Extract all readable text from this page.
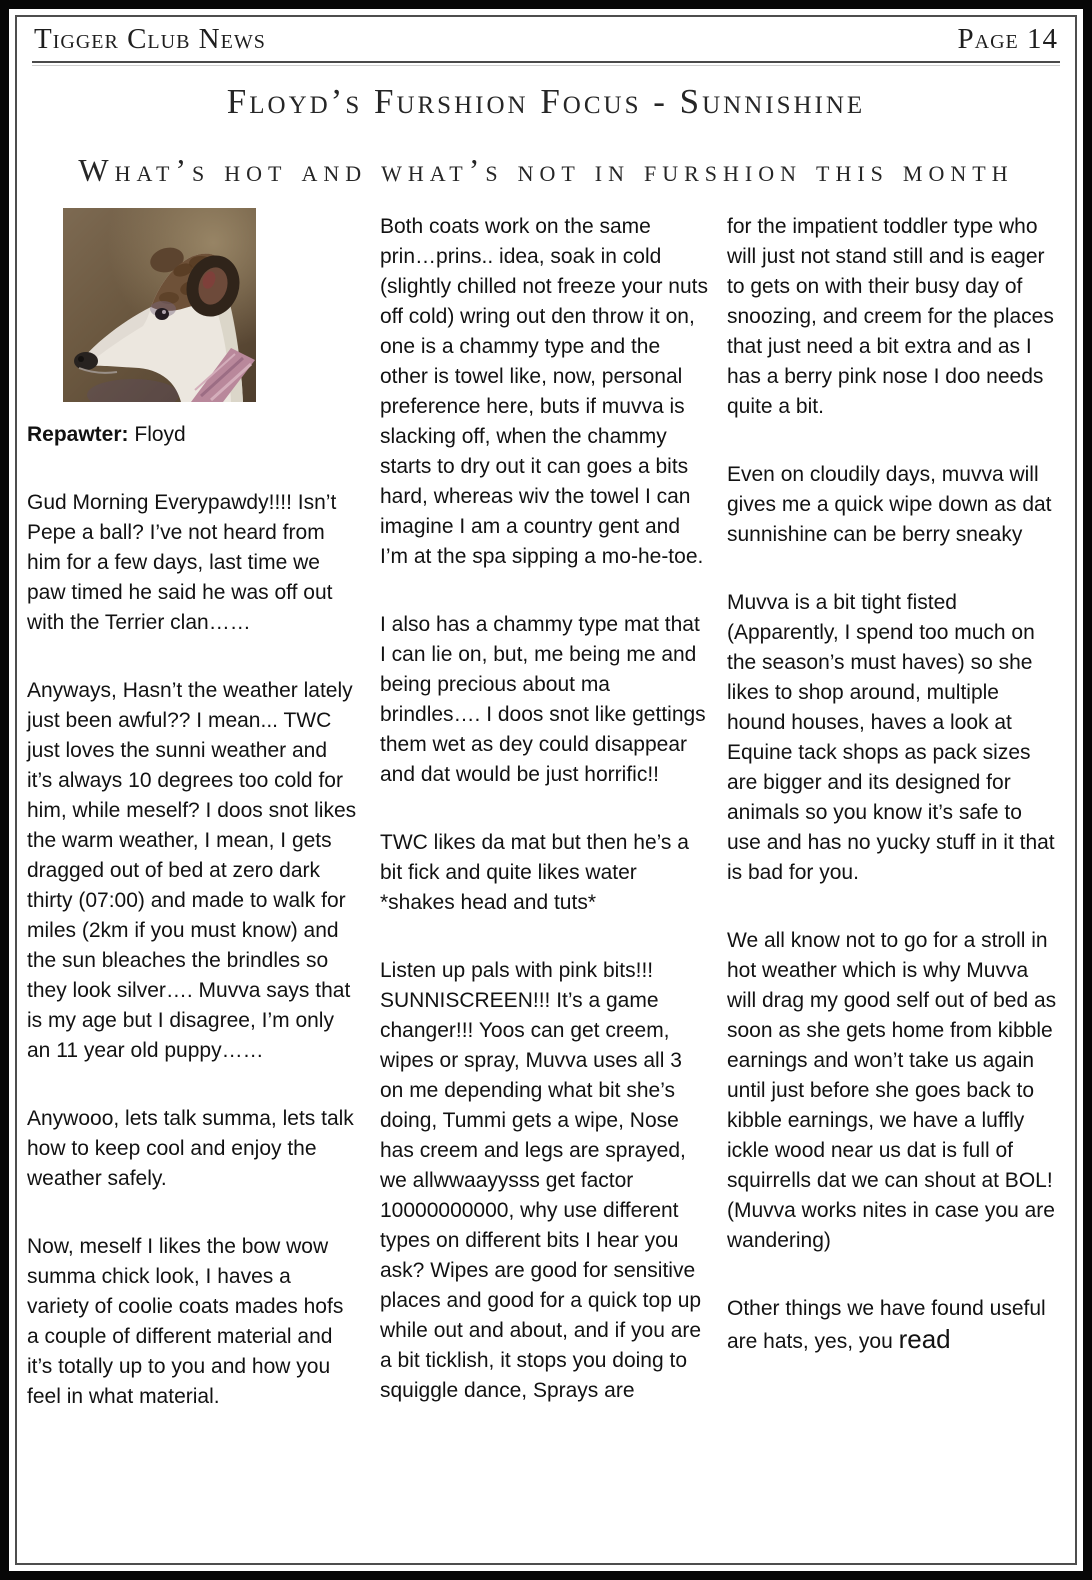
Tigger Club News	Page 14
Floyd’s Furshion Focus - Sunnishine
What’s hot and what’s not in furshion this month

Repawter: Floyd

Gud Morning Everypawdy!!!! Isn’t Pepe a ball? I’ve not heard from him for a few days, last time we paw timed he said he was off out with the Terrier clan……

Anyways, Hasn’t the weather lately just been awful?? I mean... TWC just loves the sunni weather and it’s always 10 degrees too cold for him, while meself? I doos snot likes the warm weather, I mean, I gets dragged out of bed at zero dark thirty (07:00) and made to walk for miles (2km if you must know) and the sun bleaches the brindles so they look silver…. Muvva says that is my age but I disagree, I’m only an 11 year old puppy……

Anywooo, lets talk summa, lets talk how to keep cool and enjoy the weather safely.

Now, meself I likes the bow wow summa chick look, I haves a variety of coolie coats mades hofs a couple of different material and it’s totally up to you and how you feel in what material.

Both coats work on the same prin…prins.. idea, soak in cold (slightly chilled not freeze your nuts off cold) wring out den throw it on, one is a chammy type and the other is towel like, now, personal preference here, buts if muvva is slacking off, when the chammy starts to dry out it can goes a bits hard, whereas wiv the towel I can imagine I am a country gent and I’m at the spa sipping a mo-he-toe.

I also has a chammy type mat that I can lie on, but, me being me and being precious about ma brindles…. I doos snot like gettings them wet as dey could disappear and dat would be just horrific!!

TWC likes da mat but then he’s a bit fick and quite likes water *shakes head and tuts*

Listen up pals with pink bits!!! SUNNISCREEN!!! It’s a game changer!!! Yoos can get creem, wipes or spray, Muvva uses all 3 on me depending what bit she’s doing, Tummi gets a wipe, Nose has creem and legs are sprayed, we allwwaayysss get factor 10000000000, why use different types on different bits I hear you ask? Wipes are good for sensitive places and good for a quick top up while out and about, and if you are a bit ticklish, it stops you doing to squiggle dance, Sprays are

for the impatient toddler type who will just not stand still and is eager to gets on with their busy day of snoozing, and creem for the places that just need a bit extra and as I has a berry pink nose I doo needs quite a bit.

Even on cloudily days, muvva will gives me a quick wipe down as dat sunnishine can be berry sneaky

Muvva is a bit tight fisted (Apparently, I spend too much on the season’s must haves) so she likes to shop around, multiple hound houses, haves a look at Equine tack shops as pack sizes are bigger and its designed for animals so you know it’s safe to use and has no yucky stuff in it that is bad for you.

We all know not to go for a stroll in hot weather which is why Muvva will drag my good self out of bed as soon as she gets home from kibble earnings and won’t take us again until just before she goes back to kibble earnings, we have a luffly ickle wood near us dat is full of squirrells dat we can shout at BOL! (Muvva works nites in case you are wandering)

Other things we have found useful are hats, yes, you read
